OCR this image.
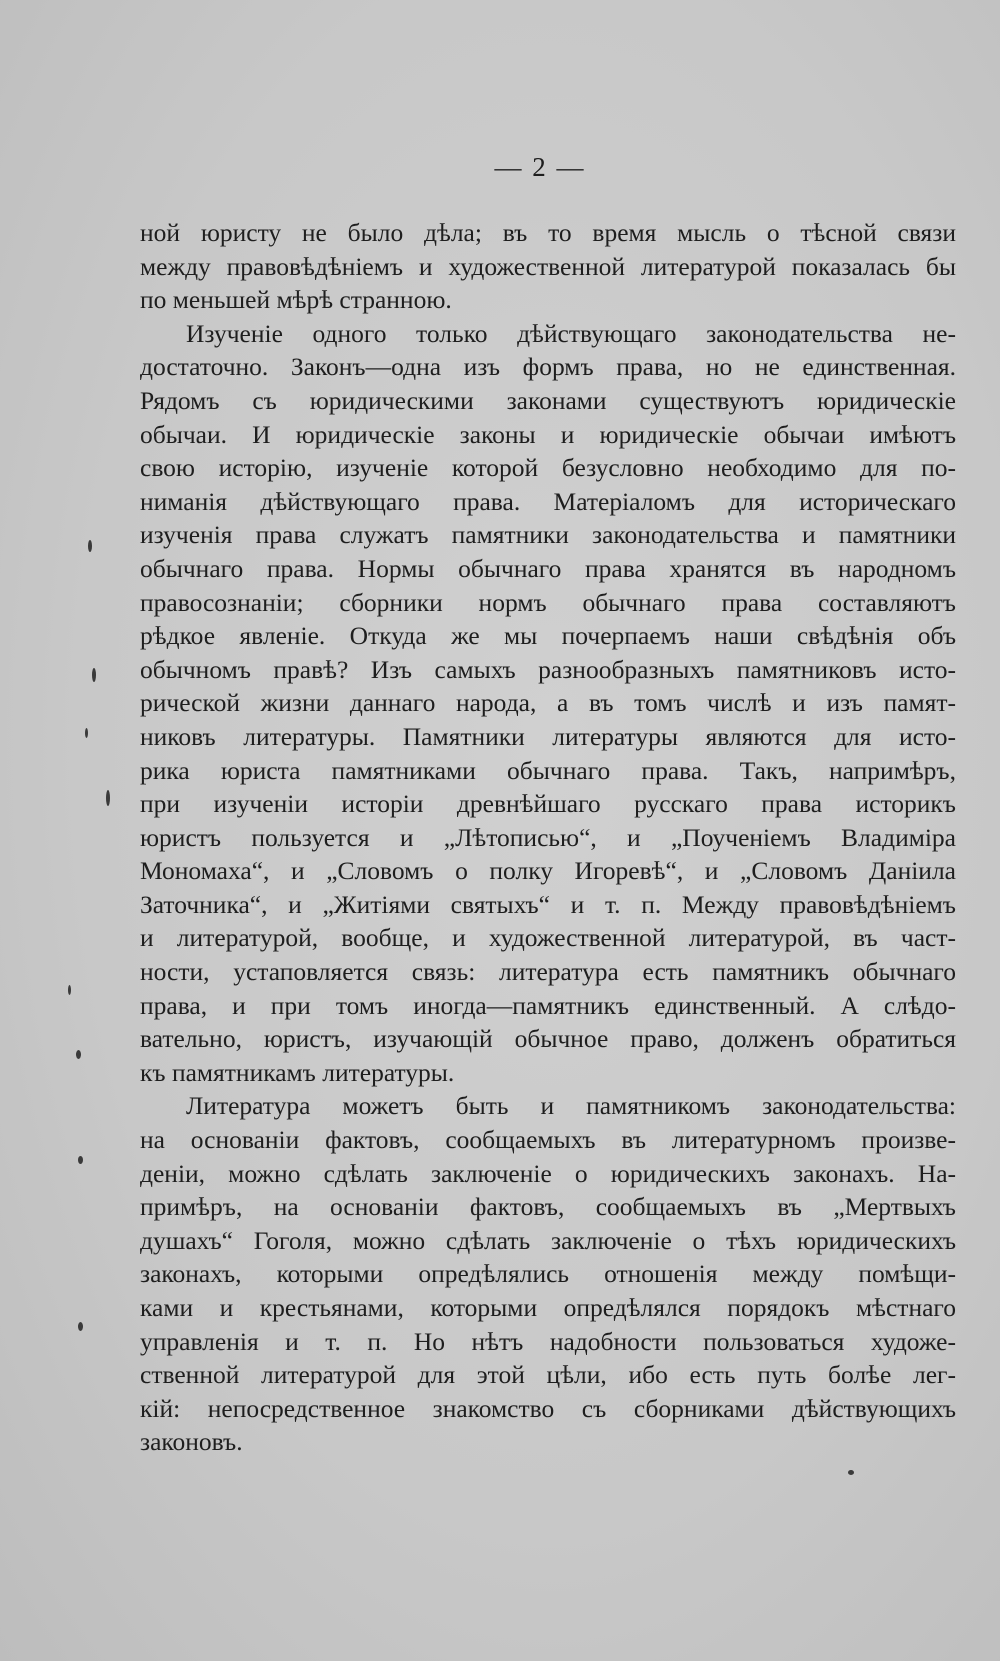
— 2 —
ной юристу не было дѣла; въ то время мысль о тѣсной связи
между правовѣдѣніемъ и художественной литературой показалась бы
по меньшей мѣрѣ странною.
Изученіе одного только дѣйствующаго законодательства не-
достаточно. Законъ—одна изъ формъ права, но не единственная.
Рядомъ съ юридическими законами существуютъ юридическіе
обычаи. И юридическіе законы и юридическіе обычаи имѣютъ
свою исторію, изученіе которой безусловно необходимо для по-
ниманія дѣйствующаго права. Матеріаломъ для историческаго
изученія права служатъ памятники законодательства и памятники
обычнаго права. Нормы обычнаго права хранятся въ народномъ
правосознаніи; сборники нормъ обычнаго права составляютъ
рѣдкое явленіе. Откуда же мы почерпаемъ наши свѣдѣнія объ
обычномъ правѣ? Изъ самыхъ разнообразныхъ памятниковъ исто-
рической жизни даннаго народа, а въ томъ числѣ и изъ памят-
никовъ литературы. Памятники литературы являются для исто-
рика юриста памятниками обычнаго права. Такъ, напримѣръ,
при изученіи исторіи древнѣйшаго русскаго права историкъ
юристъ пользуется и „Лѣтописью“, и „Поученіемъ Владиміра
Мономаха“, и „Словомъ о полку Игоревѣ“, и „Словомъ Даніила
Заточника“, и „Житіями святыхъ“ и т. п. Между правовѣдѣніемъ
и литературой, вообще, и художественной литературой, въ част-
ности, устаповляется связь: литература есть памятникъ обычнаго
права, и при томъ иногда—памятникъ единственный. А слѣдо-
вательно, юристъ, изучающій обычное право, долженъ обратиться
къ памятникамъ литературы.
Литература можетъ быть и памятникомъ законодательства:
на основаніи фактовъ, сообщаемыхъ въ литературномъ произве-
деніи, можно сдѣлать заключеніе о юридическихъ законахъ. На-
примѣръ, на основаніи фактовъ, сообщаемыхъ въ „Мертвыхъ
душахъ“ Гоголя, можно сдѣлать заключеніе о тѣхъ юридическихъ
законахъ, которыми опредѣлялись отношенія между помѣщи-
ками и крестьянами, которыми опредѣлялся порядокъ мѣстнаго
управленія и т. п. Но нѣтъ надобности пользоваться художе-
ственной литературой для этой цѣли, ибо есть путь болѣе лег-
кій: непосредственное знакомство съ сборниками дѣйствующихъ
законовъ.
